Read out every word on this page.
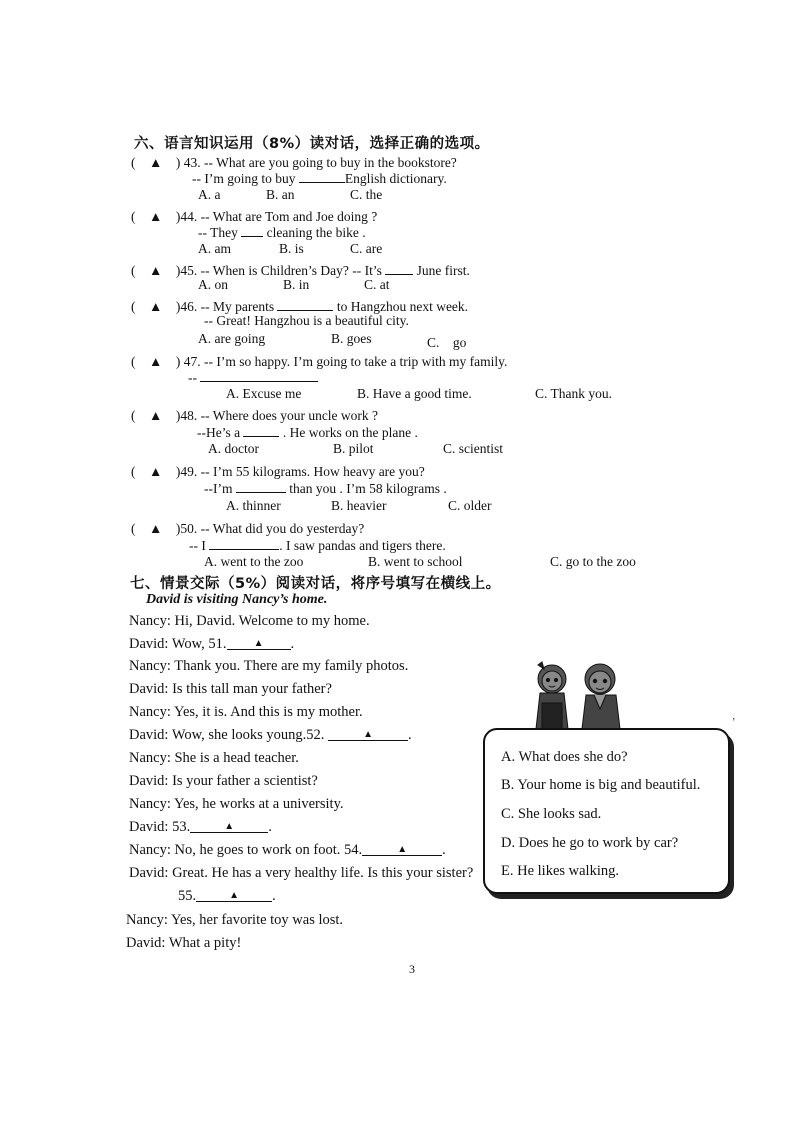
六、语言知识运用（8%）读对话，选择正确的选项。
(　▲　) 43. -- What are you going to buy in the bookstore?
-- I’m going to buy	English dictionary.
A. a	B. an	C. the
(　▲　)44. -- What are Tom and Joe doing ?
-- They cleaning the bike .
A. am	B. is	C. are
(　▲　)45. -- When is Children’s Day? -- It’s	June first.
A. on	B. in	C. at
(　▲　)46. -- My parents	to Hangzhou next week.
-- Great! Hangzhou is a beautiful city.
A. are going	B. goes	C.　go
(　▲　) 47. -- I’m so happy. I’m going to take a trip with my family.
--
A. Excuse me	B. Have a good time.	C. Thank you.
(　▲　)48. -- Where does your uncle work ?
--He’s a	. He works on the plane .
A. doctor	B. pilot	C. scientist
(　▲　)49. -- I’m 55 kilograms. How heavy are you?
--I’m	than you . I’m 58 kilograms .
A. thinner	B. heavier	C. older
(　▲　)50. -- What did you do yesterday?
-- I	. I saw pandas and tigers there.
A. went to the zoo	B. went to school	C. go to the zoo
七、情景交际（5%）阅读对话，将序号填写在横线上。
David is visiting Nancy’s home.
Nancy: Hi, David. Welcome to my home.
David: Wow, 51.	▲ .
Nancy: Thank you. There are my family photos.
David: Is this tall man your father?
Nancy: Yes, it is. And this is my mother.
David: Wow, she looks young.52.	▲ .
Nancy: She is a head teacher.
David: Is your father a scientist?
Nancy: Yes, he works at a university.
David: 53.	▲ .
Nancy: No, he goes to work on foot. 54.	▲ .
David: Great. He has a very healthy life. Is this your sister?
55.	▲ .
Nancy: Yes, her favorite toy was lost.
David: What a pity!
’
A. What does she do?
B. Your home is big and beautiful.
C. She looks sad.
D. Does he go to work by car?
E. He likes walking.
3
